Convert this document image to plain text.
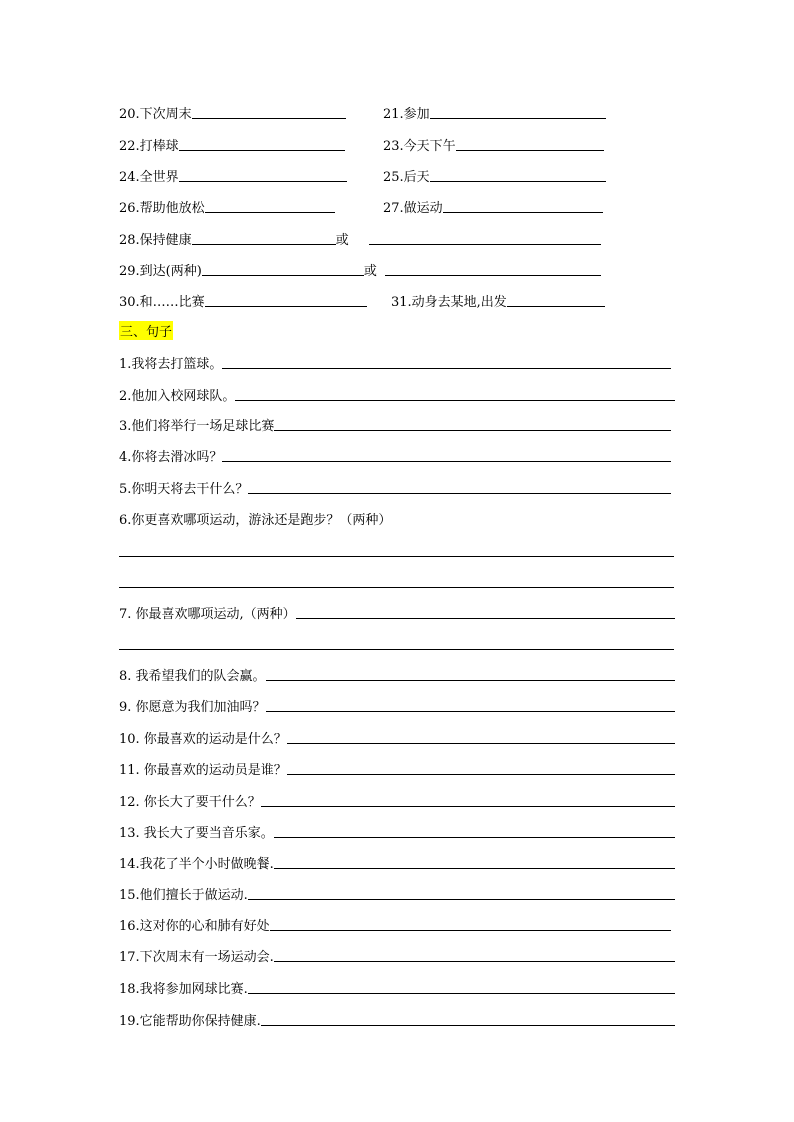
20.下次周末	21.参加
22.打棒球	23.今天下午
24.全世界	25.后天
26.帮助他放松	27.做运动
28.保持健康	或
29.到达(两种)	或
30.和……比赛	31.动身去某地,出发
三、句子
1.我将去打篮球。
2.他加入校网球队。
3.他们将举行一场足球比赛
4.你将去滑冰吗？
5.你明天将去干什么？
6.你更喜欢哪项运动，游泳还是跑步？（两种）
7. 你最喜欢哪项运动,（两种）
8. 我希望我们的队会赢。
9. 你愿意为我们加油吗？
10. 你最喜欢的运动是什么？
11. 你最喜欢的运动员是谁？
12. 你长大了要干什么？
13. 我长大了要当音乐家。
14.我花了半个小时做晚餐.
15.他们擅长于做运动.
16.这对你的心和肺有好处
17.下次周末有一场运动会.
18.我将参加网球比赛.
19.它能帮助你保持健康.
